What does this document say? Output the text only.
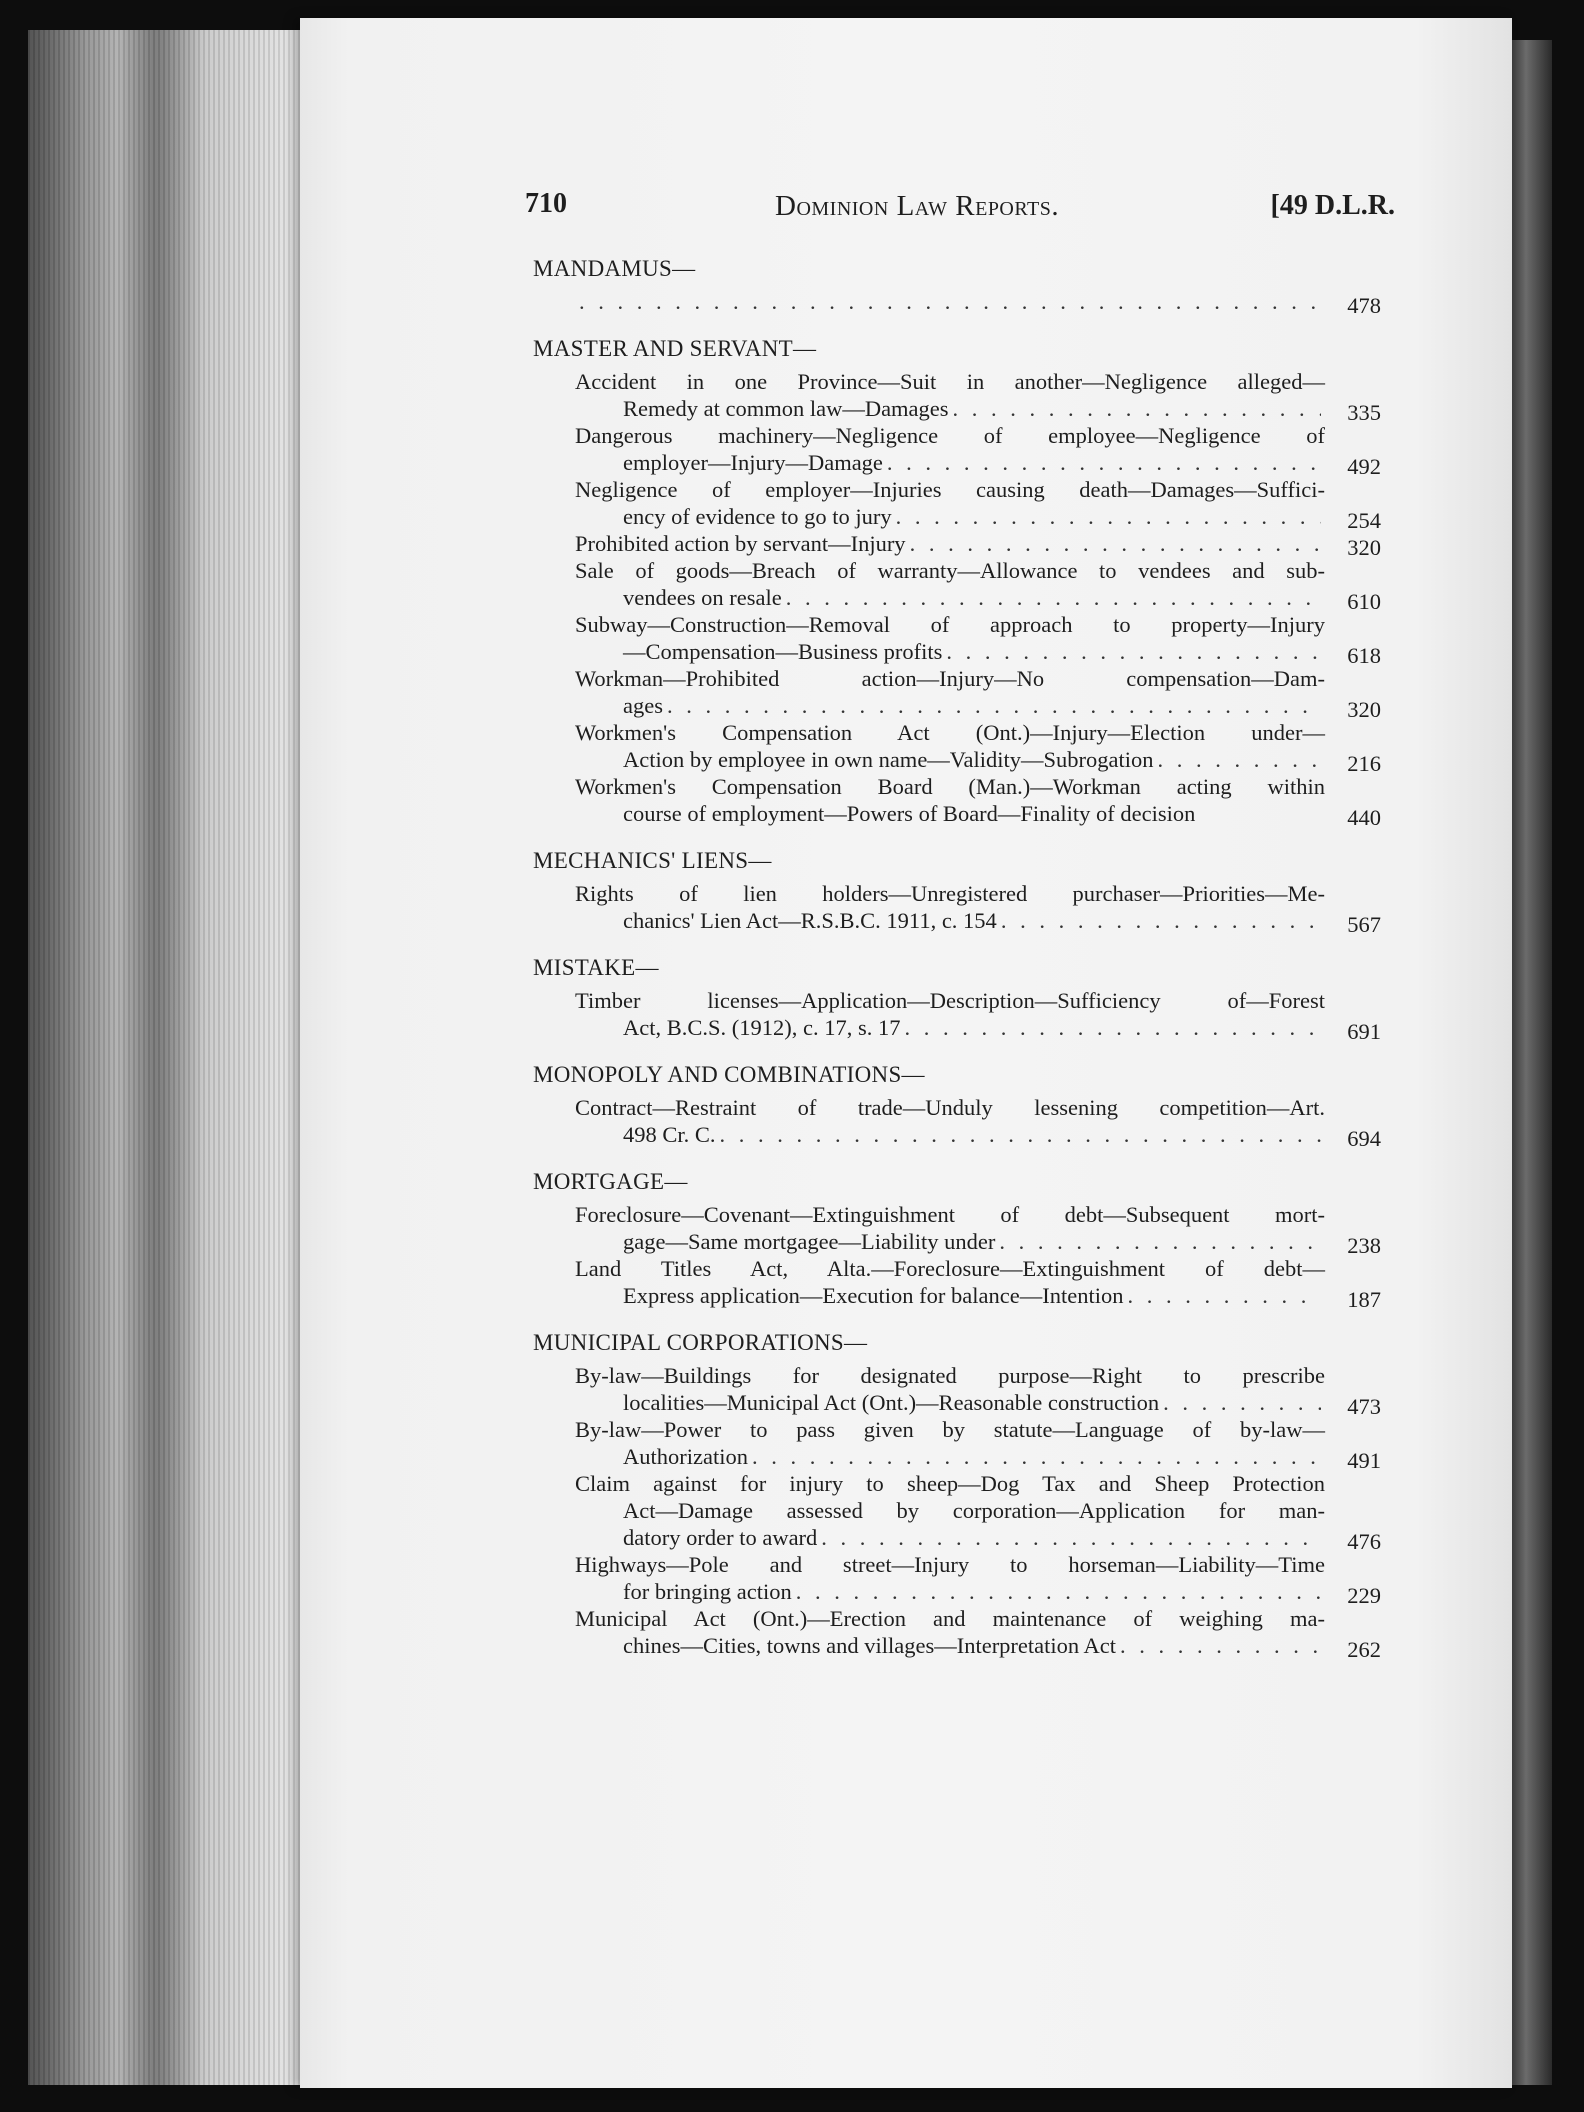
710	Dominion Law Reports.	[49 D.L.R.
MANDAMUS—
. . .
478
MASTER AND SERVANT—
Accident in one Province—Suit in another—Negligence alleged—
Remedy at common law—Damages . . .	335
Dangerous machinery—Negligence of employee—Negligence of
employer—Injury—Damage . . .	492
Negligence of employer—Injuries causing death—Damages—Suffici-
ency of evidence to go to jury . . .	254
Prohibited action by servant—Injury . . .	320
Sale of goods—Breach of warranty—Allowance to vendees and sub-
vendees on resale . . .	610
Subway—Construction—Removal of approach to property—Injury
—Compensation—Business profits . . .	618
Workman—Prohibited action—Injury—No compensation—Dam-
ages . . .	320
Workmen's Compensation Act (Ont.)—Injury—Election under—
Action by employee in own name—Validity—Subrogation . . .	216
Workmen's Compensation Board (Man.)—Workman acting within
course of employment—Powers of Board—Finality of decision	440
MECHANICS' LIENS—
Rights of lien holders—Unregistered purchaser—Priorities—Me-
chanics' Lien Act—R.S.B.C. 1911, c. 154 . . .	567
MISTAKE—
Timber licenses—Application—Description—Sufficiency of—Forest
Act, B.C.S. (1912), c. 17, s. 17 . . .	691
MONOPOLY AND COMBINATIONS—
Contract—Restraint of trade—Unduly lessening competition—Art.
498 Cr. C. . . .	694
MORTGAGE—
Foreclosure—Covenant—Extinguishment of debt—Subsequent mort-
gage—Same mortgagee—Liability under . . .	238
Land Titles Act, Alta.—Foreclosure—Extinguishment of debt—
Express application—Execution for balance—Intention . . .	187
MUNICIPAL CORPORATIONS—
By-law—Buildings for designated purpose—Right to prescribe
localities—Municipal Act (Ont.)—Reasonable construction . . .	473
By-law—Power to pass given by statute—Language of by-law—
Authorization . . .	491
Claim against for injury to sheep—Dog Tax and Sheep Protection
Act—Damage assessed by corporation—Application for man-
datory order to award . . .	476
Highways—Pole and street—Injury to horseman—Liability—Time
for bringing action . . .	229
Municipal Act (Ont.)—Erection and maintenance of weighing ma-
chines—Cities, towns and villages—Interpretation Act . . .	262
